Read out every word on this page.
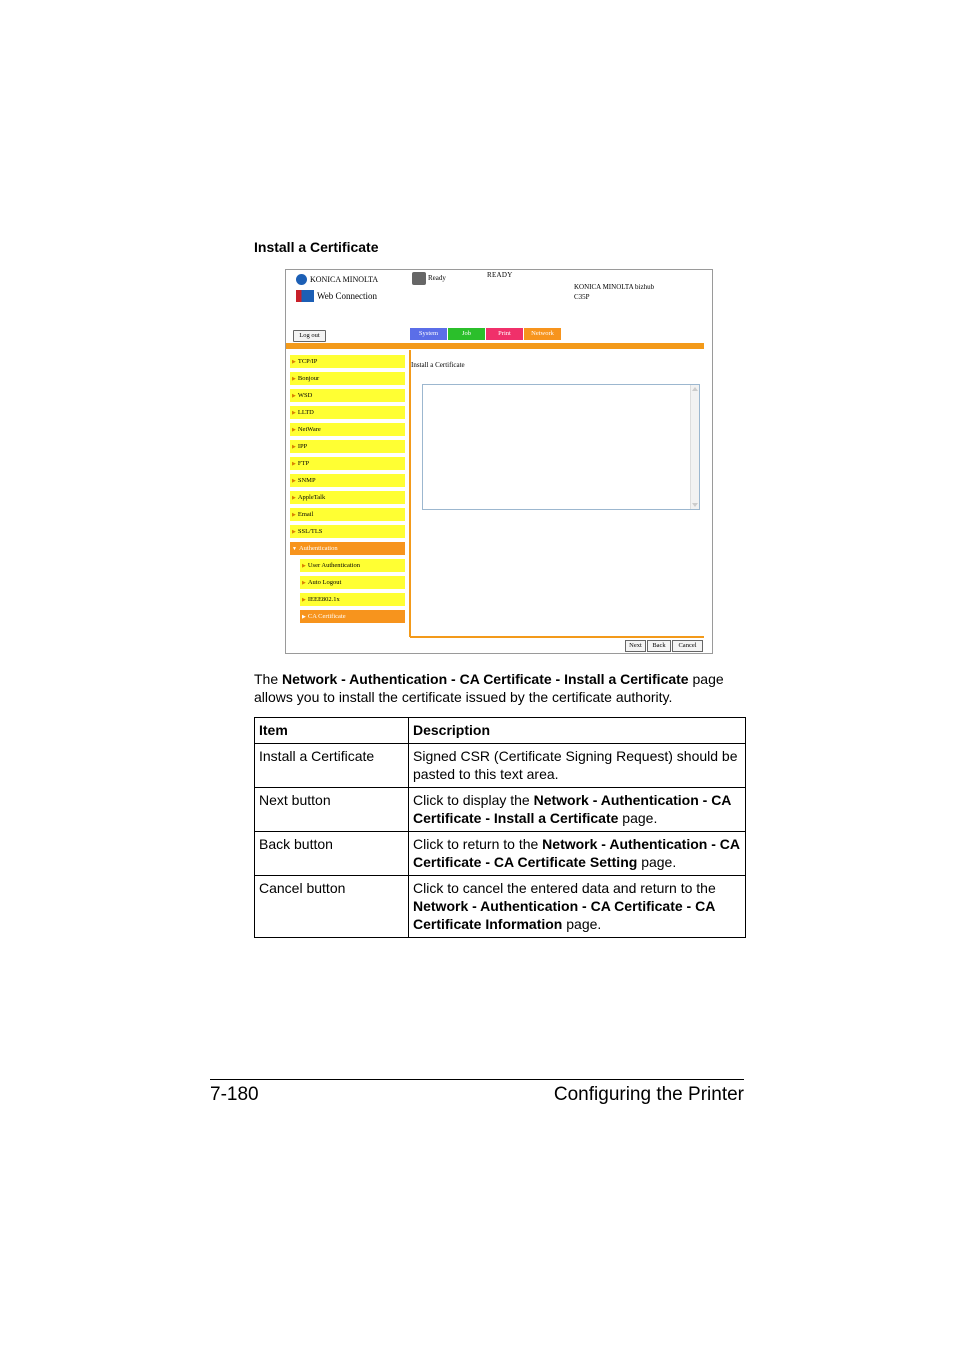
Install a Certificate
KONICA MINOLTA
Web Connection
Ready	READY
KONICA MINOLTA bizhub
C35P
Log out	System	Job	Print	Network
▶ TCP/IP
▶ Bonjour
▶ WSD
▶ LLTD
▶ NetWare
▶ IPP
▶ FTP
▶ SNMP
▶ AppleTalk
▶ Email
▶ SSL/TLS
▼ Authentication
▶ User Authentication
▶ Auto Logout
▶ IEEE802.1x
▶ CA Certificate
Install a Certificate
Next	Back	Cancel
The Network - Authentication - CA Certificate - Install a Certificate page allows you to install the certificate issued by the certificate authority.
Item	Description
Install a Certificate	Signed CSR (Certificate Signing Request) should be pasted to this text area.
Next button	Click to display the Network - Authentication - CA Certificate - Install a Certificate page.
Back button	Click to return to the Network - Authentication - CA Certificate - CA Certificate Setting page.
Cancel button	Click to cancel the entered data and return to the Network - Authentication - CA Certificate - CA Certificate Information page.
7-180	Configuring the Printer
